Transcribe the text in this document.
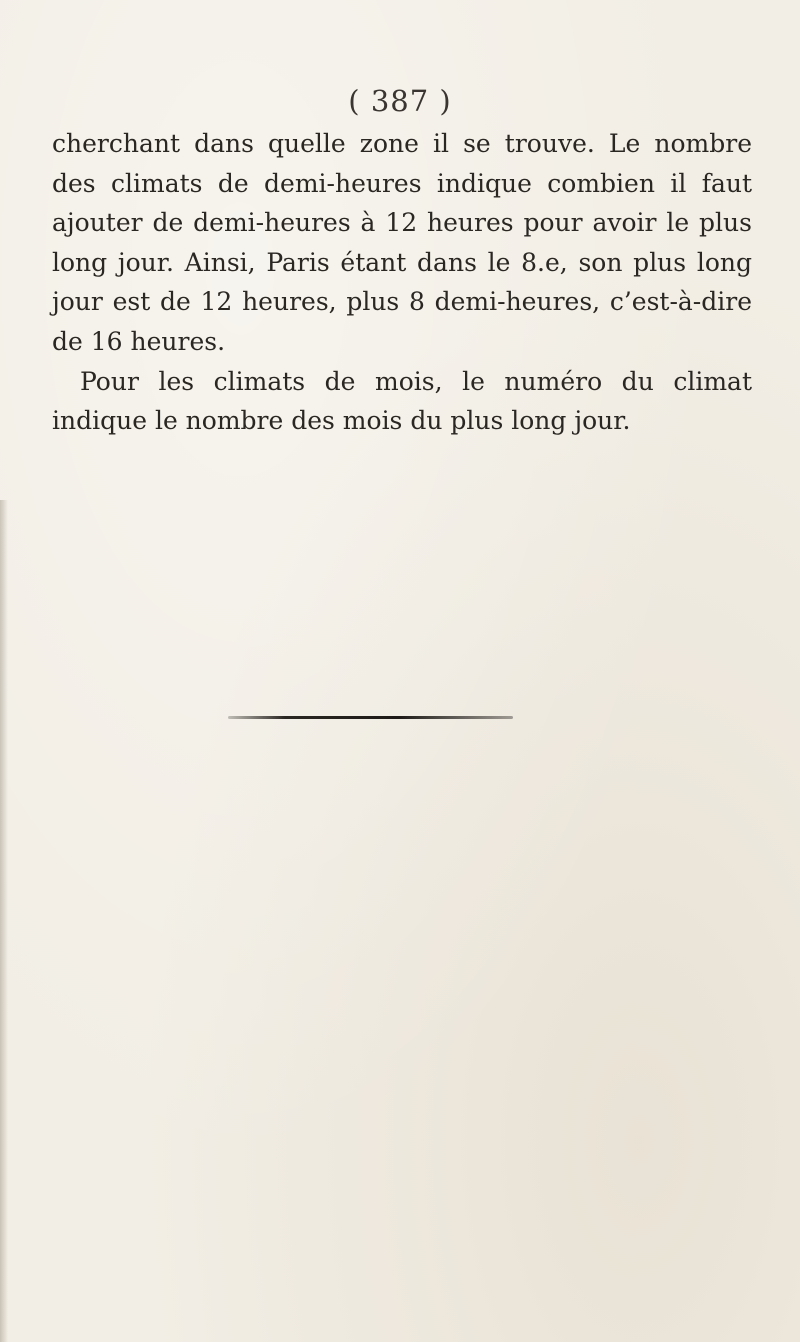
( 387 )

cherchant dans quelle zone il se trouve. Le nombre des climats de demi-heures indique combien il faut ajouter de demi-heures à 12 heures pour avoir le plus long jour. Ainsi, Paris étant dans le 8.e, son plus long jour est de 12 heures, plus 8 demi-heures, c’est-à-dire de 16 heures.

Pour les climats de mois, le numéro du climat indique le nombre des mois du plus long jour.
